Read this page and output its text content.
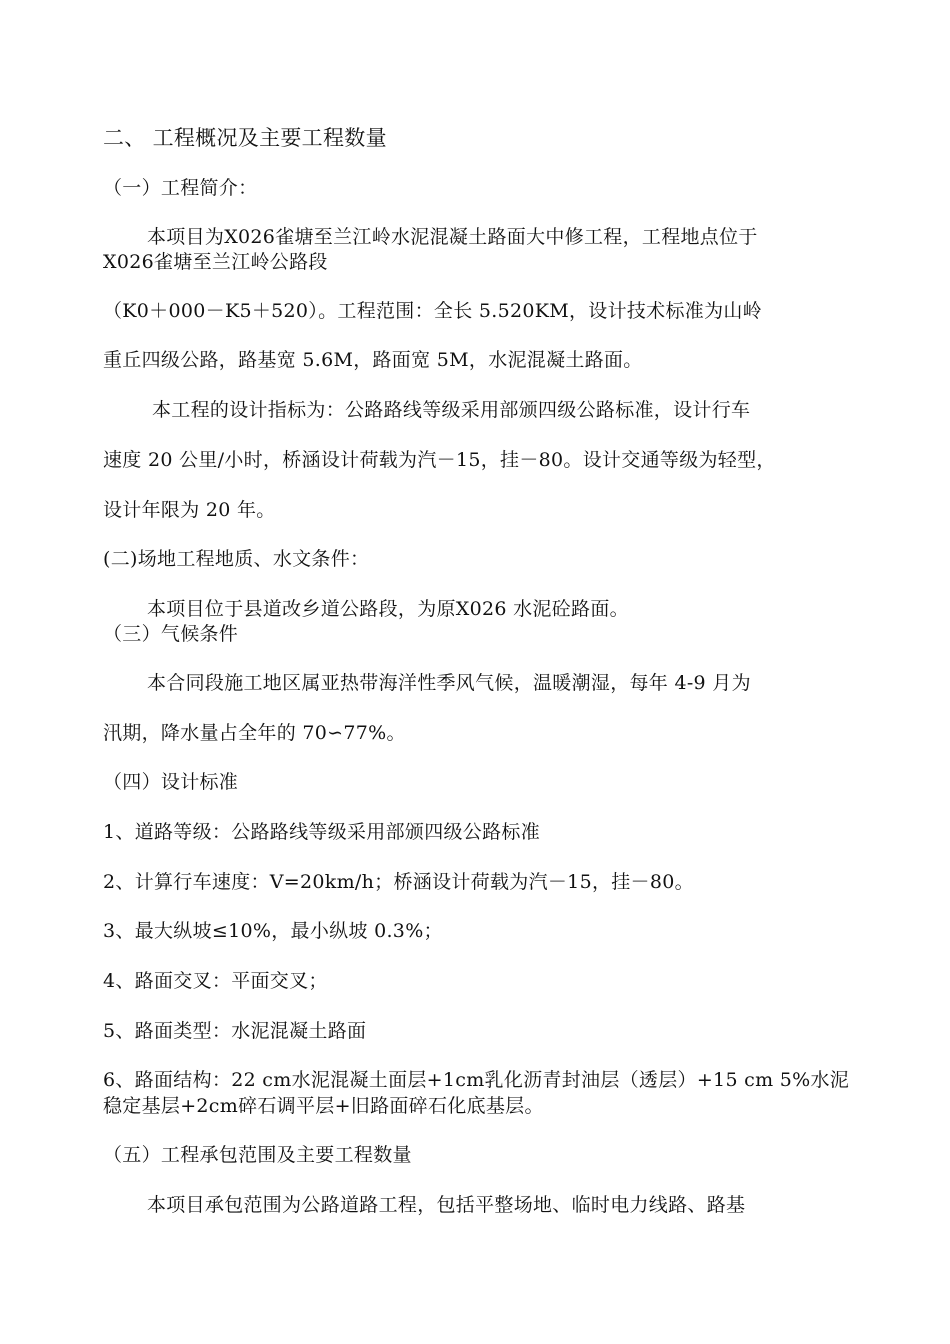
二、 工程概况及主要工程数量
（一）工程简介：
本项目为X026雀塘至兰江岭水泥混凝土路面大中修工程，工程地点位于
X026雀塘至兰江岭公路段
（K0＋000－K5＋520）。工程范围：全长 5.520KM，设计技术标准为山岭
重丘四级公路，路基宽 5.6M，路面宽 5M，水泥混凝土路面。
本工程的设计指标为：公路路线等级采用部颁四级公路标准，设计行车
速度 20 公里/小时，桥涵设计荷载为汽－15，挂－80。设计交通等级为轻型，
设计年限为 20 年。
(二)场地工程地质、水文条件：
本项目位于县道改乡道公路段，为原X026 水泥砼路面。
（三）气候条件
本合同段施工地区属亚热带海洋性季风气候，温暖潮湿，每年 4-9 月为
汛期，降水量占全年的 70∽77%。
（四）设计标准
1、道路等级：公路路线等级采用部颁四级公路标准
2、计算行车速度：V=20km/h；桥涵设计荷载为汽－15，挂－80。
3、最大纵坡≤10%，最小纵坡 0.3%；
4、路面交叉：平面交叉；
5、路面类型：水泥混凝土路面
6、路面结构：22 cm水泥混凝土面层+1cm乳化沥青封油层（透层）+15 cm 5%水泥
稳定基层+2cm碎石调平层+旧路面碎石化底基层。
（五）工程承包范围及主要工程数量
本项目承包范围为公路道路工程，包括平整场地、临时电力线路、路基
